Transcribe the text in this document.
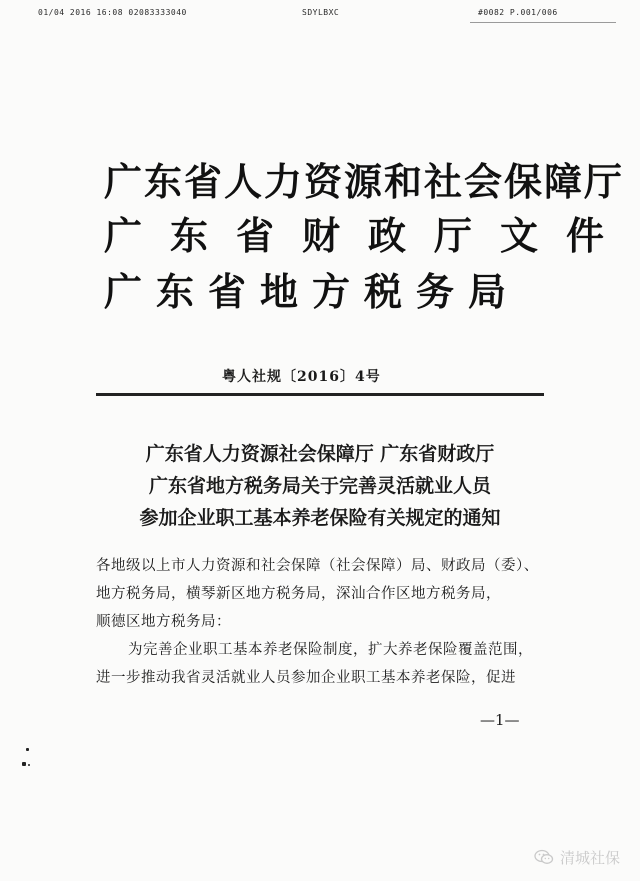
01/04 2016 16:08 02083333040	SDYLBXC	#0082 P.001/006
广东省人力资源和社会保障厅
广东省财政厅文件
广东省地方税务局
粤人社规〔2016〕4号
广东省人力资源社会保障厅 广东省财政厅
广东省地方税务局关于完善灵活就业人员
参加企业职工基本养老保险有关规定的通知
各地级以上市人力资源和社会保障（社会保障）局、财政局（委）、
地方税务局，横琴新区地方税务局，深汕合作区地方税务局，
顺德区地方税务局：
为完善企业职工基本养老保险制度，扩大养老保险覆盖范围，
进一步推动我省灵活就业人员参加企业职工基本养老保险，促进
—1—
清城社保
